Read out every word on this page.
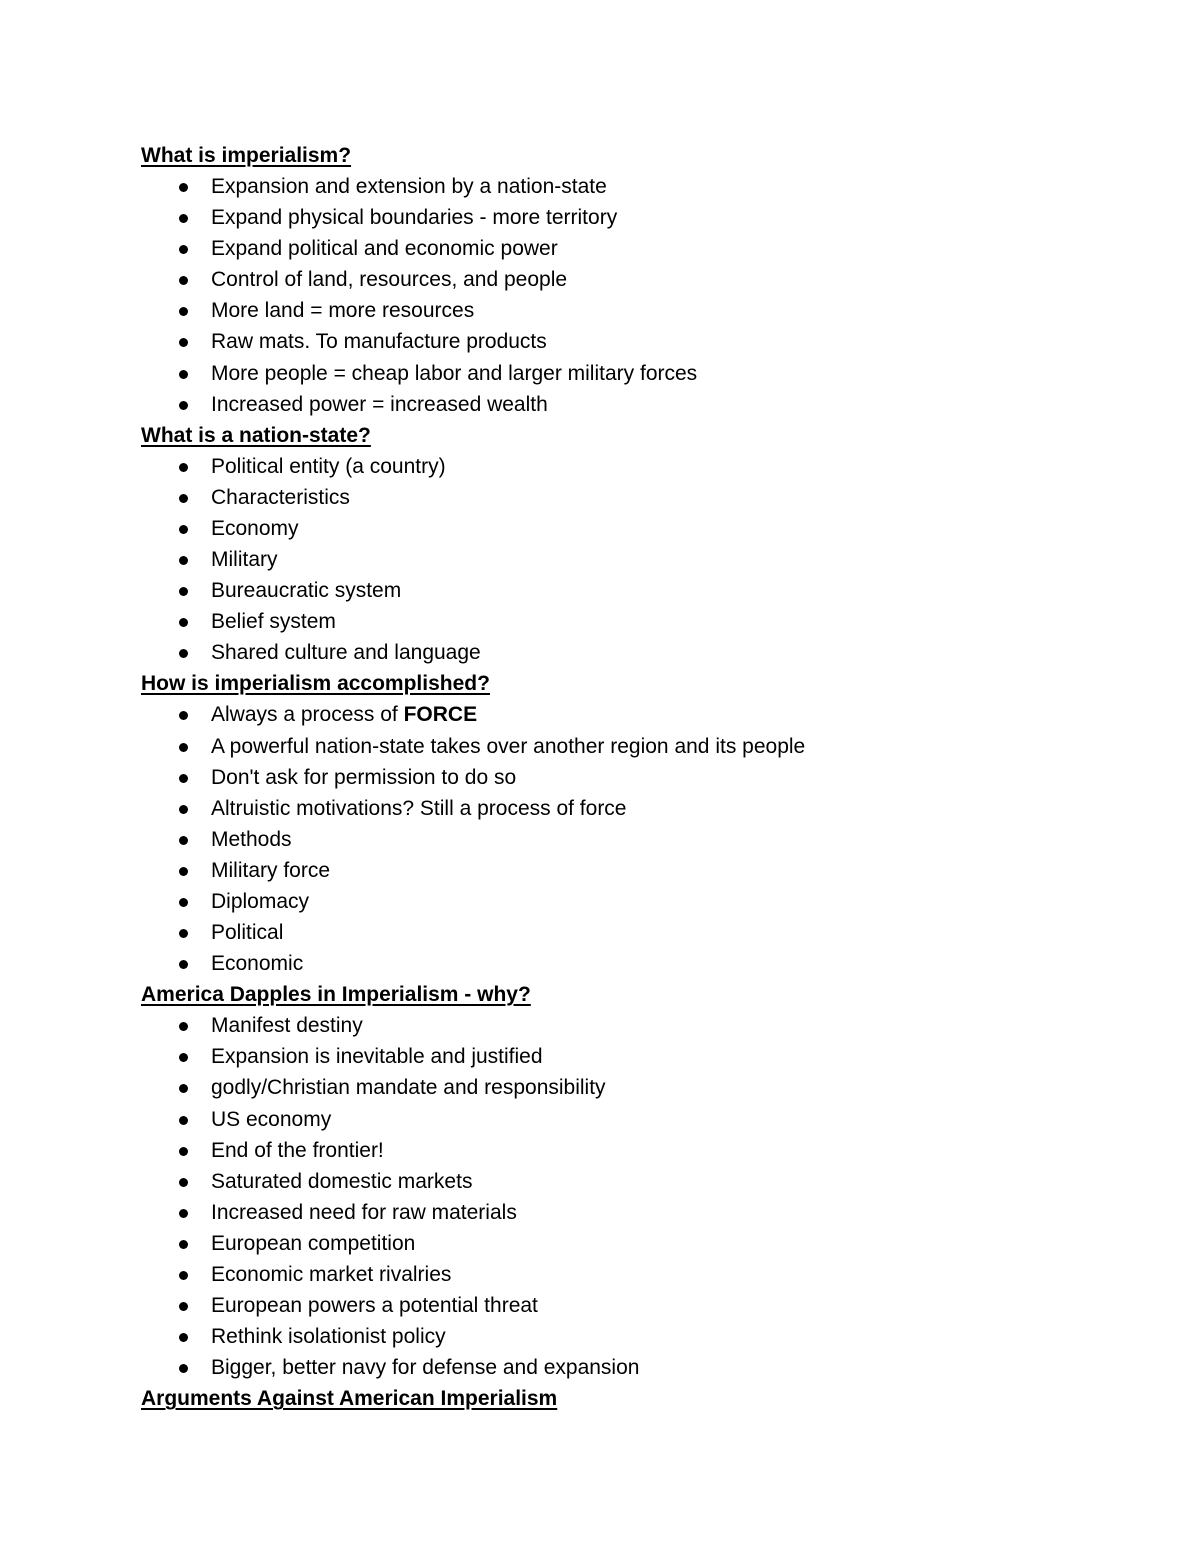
What is imperialism?
Expansion and extension by a nation-state
Expand physical boundaries - more territory
Expand political and economic power
Control of land, resources, and people
More land = more resources
Raw mats. To manufacture products
More people = cheap labor and larger military forces
Increased power = increased wealth
What is a nation-state?
Political entity (a country)
Characteristics
Economy
Military
Bureaucratic system
Belief system
Shared culture and language
How is imperialism accomplished?
Always a process of FORCE
A powerful nation-state takes over another region and its people
Don't ask for permission to do so
Altruistic motivations? Still a process of force
Methods
Military force
Diplomacy
Political
Economic
America Dapples in Imperialism - why?
Manifest destiny
Expansion is inevitable and justified
godly/Christian mandate and responsibility
US economy
End of the frontier!
Saturated domestic markets
Increased need for raw materials
European competition
Economic market rivalries
European powers a potential threat
Rethink isolationist policy
Bigger, better navy for defense and expansion
Arguments Against American Imperialism
